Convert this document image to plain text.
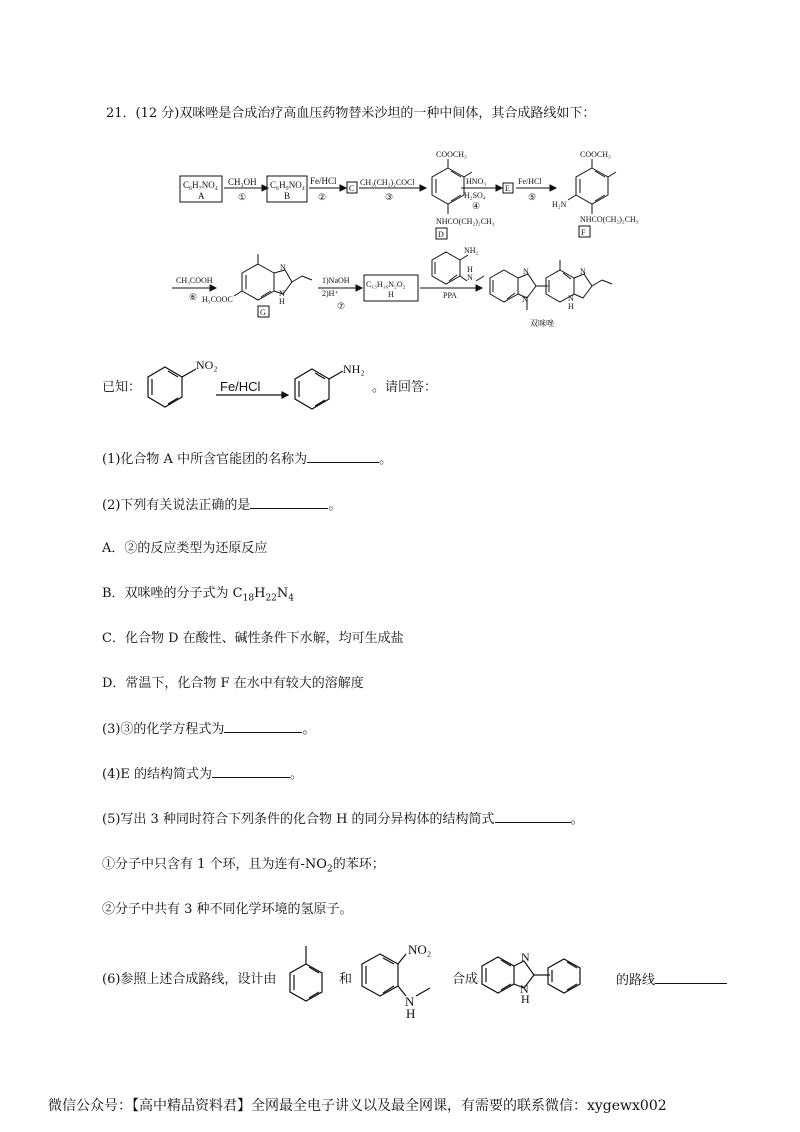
21．(12 分)双咪唑是合成治疗高血压药物替米沙坦的一种中间体，其合成路线如下：
C₆H₇NO₄
A
CH₃OH
①
C₆H₉NO₄
B
Fe/HCl
②
C
CH₃(CH₂)₂COCl
③
COOCH₃
NHCO(CH₂)₂CH₃
D
HNO₃
H₂SO₄
④
E
Fe/HCl
⑤
COOCH₃
H₂N
NHCO(CH₂)₂CH₃
F
CH₃COOH
⑥ H₃COOC
N
N
H
G
1)NaOH
2)H⁺
⑦
C₁₃H₁₆N₂O₂
H
NH₂
N
H
PPA
N
N
N
N
H
双咪唑
已知：
NO₂
Fe/HCl
NH₂
。请回答：
(1)化合物 A 中所含官能团的名称为	。
(2)下列有关说法正确的是	。
A．②的反应类型为还原反应
B．双咪唑的分子式为 $C_{18}H_{22}N_4$
C．化合物 D 在酸性、碱性条件下水解，均可生成盐
D．常温下，化合物 F 在水中有较大的溶解度
(3)③的化学方程式为	。
(4)E 的结构简式为	。
(5)写出 3 种同时符合下列条件的化合物 H 的同分异构体的结构简式	。
①分子中只含有 1 个环，且为连有$-NO_2$的苯环；
②分子中共有 3 种不同化学环境的氢原子。
(6)参照上述合成路线，设计由	和
NO₂
N
H
合成
N
N
H
的路线
微信公众号：【高中精品资料君】全网最全电子讲义以及最全网课，有需要的联系微信：xygewx002
